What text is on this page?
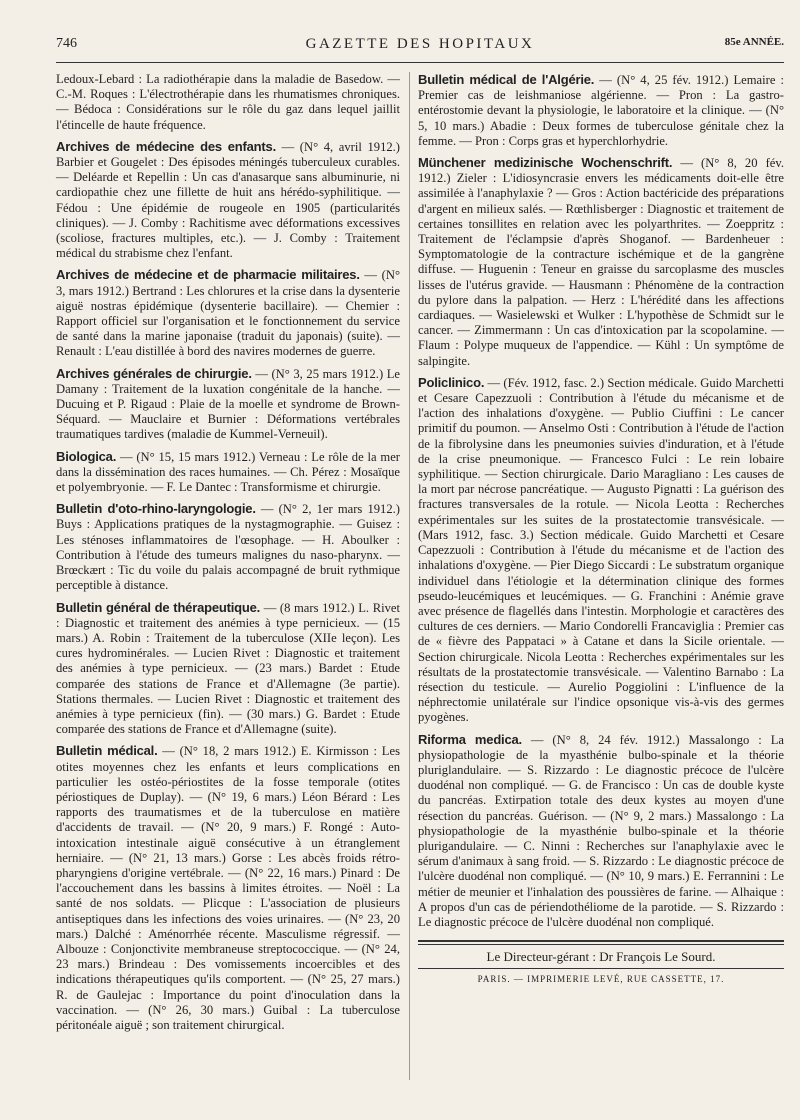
746	GAZETTE DES HOPITAUX	85e ANNÉE.

Ledoux-Lebard : La radiothérapie dans la maladie de Basedow. — C.-M. Roques : L'électrothérapie dans les rhumatismes chroniques. — Bédoca : Considérations sur le rôle du gaz dans lequel jaillit l'étincelle de haute fréquence.

Archives de médecine des enfants. — (N° 4, avril 1912.) Barbier et Gougelet : Des épisodes méningés tuberculeux curables. — Deléarde et Repellin : Un cas d'anasarque sans albuminurie, ni cardiopathie chez une fillette de huit ans hérédo-syphilitique. — Fédou : Une épidémie de rougeole en 1905 (particularités cliniques). — J. Comby : Rachitisme avec déformations excessives (scoliose, fractures multiples, etc.). — J. Comby : Traitement médical du strabisme chez l'enfant.

Archives de médecine et de pharmacie militaires. — (N° 3, mars 1912.) Bertrand : Les chlorures et la crise dans la dysenterie aiguë nostras épidémique (dysenterie bacillaire). — Chemier : Rapport officiel sur l'organisation et le fonctionnement du service de santé dans la marine japonaise (traduit du japonais) (suite). — Renault : L'eau distillée à bord des navires modernes de guerre.

Archives générales de chirurgie. — (N° 3, 25 mars 1912.) Le Damany : Traitement de la luxation congénitale de la hanche. — Ducuing et P. Rigaud : Plaie de la moelle et syndrome de Brown-Séquard. — Mauclaire et Burnier : Déformations vertébrales traumatiques tardives (maladie de Kummel-Verneuil).

Biologica. — (N° 15, 15 mars 1912.) Verneau : Le rôle de la mer dans la dissémination des races humaines. — Ch. Pérez : Mosaïque et polyembryonie. — F. Le Dantec : Transformisme et chirurgie.

Bulletin d'oto-rhino-laryngologie. — (N° 2, 1er mars 1912.) Buys : Applications pratiques de la nystagmographie. — Guisez : Les sténoses inflammatoires de l'œsophage. — H. Aboulker : Contribution à l'étude des tumeurs malignes du naso-pharynx. — Brœckært : Tic du voile du palais accompagné de bruit rythmique perceptible à distance.

Bulletin général de thérapeutique. — (8 mars 1912.) L. Rivet : Diagnostic et traitement des anémies à type pernicieux. — (15 mars.) A. Robin : Traitement de la tuberculose (XIIe leçon). Les cures hydrominérales. — Lucien Rivet : Diagnostic et traitement des anémies à type pernicieux. — (23 mars.) Bardet : Etude comparée des stations de France et d'Allemagne (3e partie). Stations thermales. — Lucien Rivet : Diagnostic et traitement des anémies à type pernicieux (fin). — (30 mars.) G. Bardet : Etude comparée des stations de France et d'Allemagne (suite).

Bulletin médical. — (N° 18, 2 mars 1912.) E. Kirmisson : Les otites moyennes chez les enfants et leurs complications en particulier les ostéo-périostites de la fosse temporale (otites périostiques de Duplay). — (N° 19, 6 mars.) Léon Bérard : Les rapports des traumatismes et de la tuberculose en matière d'accidents de travail. — (N° 20, 9 mars.) F. Rongé : Auto-intoxication intestinale aiguë consécutive à un étranglement herniaire. — (N° 21, 13 mars.) Gorse : Les abcès froids rétro-pharyngiens d'origine vertébrale. — (N° 22, 16 mars.) Pinard : De l'accouchement dans les bassins à limites étroites. — Noël : La santé de nos soldats. — Plicque : L'association de plusieurs antiseptiques dans les infections des voies urinaires. — (N° 23, 20 mars.) Dalché : Aménorrhée récente. Masculisme régressif. — Albouze : Conjonctivite membraneuse streptococcique. — (N° 24, 23 mars.) Brindeau : Des vomissements incoercibles et des indications thérapeutiques qu'ils comportent. — (N° 25, 27 mars.) R. de Gaulejac : Importance du point d'inoculation dans la vaccination. — (N° 26, 30 mars.) Guibal : La tuberculose péritonéale aiguë ; son traitement chirurgical.

Bulletin médical de l'Algérie. — (N° 4, 25 fév. 1912.) Lemaire : Premier cas de leishmaniose algérienne. — Pron : La gastro-entérostomie devant la physiologie, le laboratoire et la clinique. — (N° 5, 10 mars.) Abadie : Deux formes de tuberculose génitale chez la femme. — Pron : Corps gras et hyperchlorhydrie.

Münchener medizinische Wochenschrift. — (N° 8, 20 fév. 1912.) Zieler : L'idiosyncrasie envers les médicaments doit-elle être assimilée à l'anaphylaxie ? — Gros : Action bactéricide des préparations d'argent en milieux salés. — Rœthlisberger : Diagnostic et traitement de certaines tonsillites en relation avec les polyarthrites. — Zoeppritz : Traitement de l'éclampsie d'après Shoganof. — Bardenheuer : Symptomatologie de la contracture ischémique et de la gangrène diffuse. — Huguenin : Teneur en graisse du sarcoplasme des muscles lisses de l'utérus gravide. — Hausmann : Phénomène de la contraction du pylore dans la palpation. — Herz : L'hérédité dans les affections cardiaques. — Wasielewski et Wulker : L'hypothèse de Schmidt sur le cancer. — Zimmermann : Un cas d'intoxication par la scopolamine. — Flaum : Polype muqueux de l'appendice. — Kühl : Un symptôme de salpingite.

Policlinico. — (Fév. 1912, fasc. 2.) Section médicale. Guido Marchetti et Cesare Capezzuoli : Contribution à l'étude du mécanisme et de l'action des inhalations d'oxygène. — Publio Ciuffini : Le cancer primitif du poumon. — Anselmo Osti : Contribution à l'étude de l'action de la fibrolysine dans les pneumonies suivies d'induration, et à l'étude de la crise pneumonique. — Francesco Fulci : Le rein lobaire syphilitique. — Section chirurgicale. Dario Maragliano : Les causes de la mort par nécrose pancréatique. — Augusto Pignatti : La guérison des fractures transversales de la rotule. — Nicola Leotta : Recherches expérimentales sur les suites de la prostatectomie transvésicale. — (Mars 1912, fasc. 3.) Section médicale. Guido Marchetti et Cesare Capezzuoli : Contribution à l'étude du mécanisme et de l'action des inhalations d'oxygène. — Pier Diego Siccardi : Le substratum organique individuel dans l'étiologie et la détermination clinique des formes pseudo-leucémiques et leucémiques. — G. Franchini : Anémie grave avec présence de flagellés dans l'intestin. Morphologie et caractères des cultures de ces derniers. — Mario Condorelli Francaviglia : Premier cas de « fièvre des Pappataci » à Catane et dans la Sicile orientale. — Section chirurgicale. Nicola Leotta : Recherches expérimentales sur les résultats de la prostatectomie transvésicale. — Valentino Barnabo : La résection du testicule. — Aurelio Poggiolini : L'influence de la néphrectomie unilatérale sur l'indice opsonique vis-à-vis des germes pyogènes.

Riforma medica. — (N° 8, 24 fév. 1912.) Massalongo : La physiopathologie de la myasthénie bulbo-spinale et la théorie pluriglandulaire. — S. Rizzardo : Le diagnostic précoce de l'ulcère duodénal non compliqué. — G. de Francisco : Un cas de double kyste du pancréas. Extirpation totale des deux kystes au moyen d'une résection du pancréas. Guérison. — (N° 9, 2 mars.) Massalongo : La physiopathologie de la myasthénie bulbo-spinale et la théorie plurigandulaire. — C. Ninni : Recherches sur l'anaphylaxie avec le sérum d'animaux à sang froid. — S. Rizzardo : Le diagnostic précoce de l'ulcère duodénal non compliqué. — (N° 10, 9 mars.) E. Ferrannini : Le métier de meunier et l'inhalation des poussières de farine. — Alhaique : A propos d'un cas de périendothéliome de la parotide. — S. Rizzardo : Le diagnostic précoce de l'ulcère duodénal non compliqué.

Le Directeur-gérant : Dr François Le Sourd.
PARIS. — IMPRIMERIE LEVÉ, RUE CASSETTE, 17.
